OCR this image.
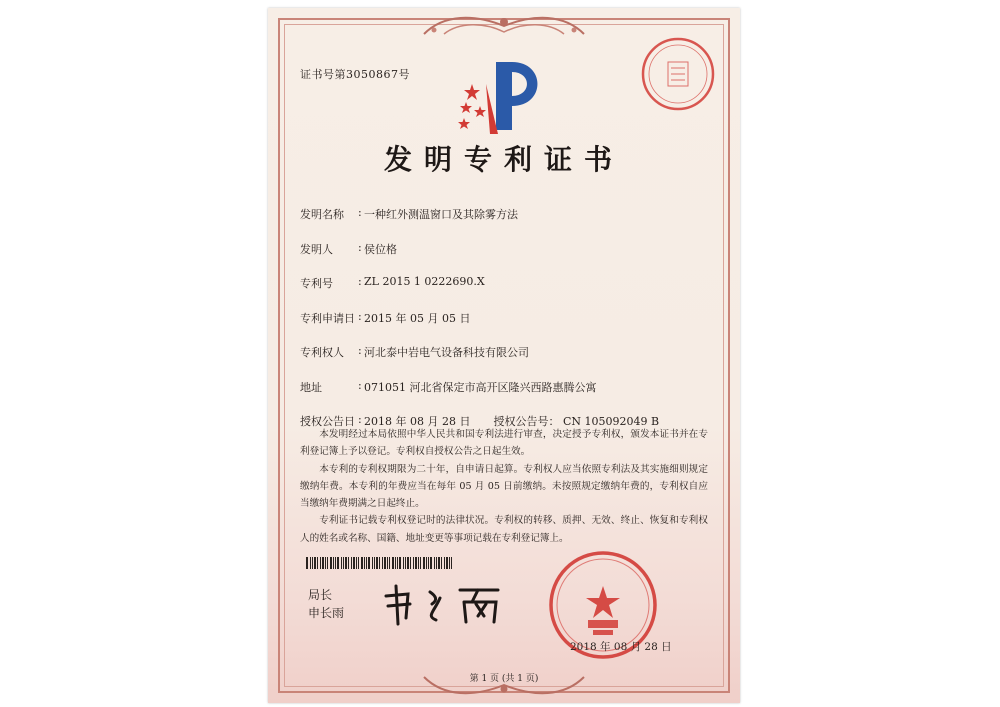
证书号第3050867号
发明专利证书
发明名称	: 一种红外测温窗口及其除雾方法
发明人	: 侯位格
专利号	: ZL 2015 1 0222690.X
专利申请日 : 2015 年 05 月 05 日
专利权人	: 河北泰中岩电气设备科技有限公司
地址	: 071051 河北省保定市高开区隆兴西路惠腾公寓
授权公告日 : 2018 年 08 月 28 日 授权公告号： CN 105092049 B

本发明经过本局依照中华人民共和国专利法进行审查，决定授予专利权，颁发本证书并在专利登记簿上予以登记。专利权自授权公告之日起生效。

本专利的专利权期限为二十年，自申请日起算。专利权人应当依照专利法及其实施细则规定缴纳年费。本专利的年费应当在每年 05 月 05 日前缴纳。未按照规定缴纳年费的，专利权自应当缴纳年费期满之日起终止。

专利证书记载专利权登记时的法律状况。专利权的转移、质押、无效、终止、恢复和专利权人的姓名或名称、国籍、地址变更等事项记载在专利登记簿上。

局长
申长雨
2018 年 08 月 28 日
第 1 页 (共 1 页)
